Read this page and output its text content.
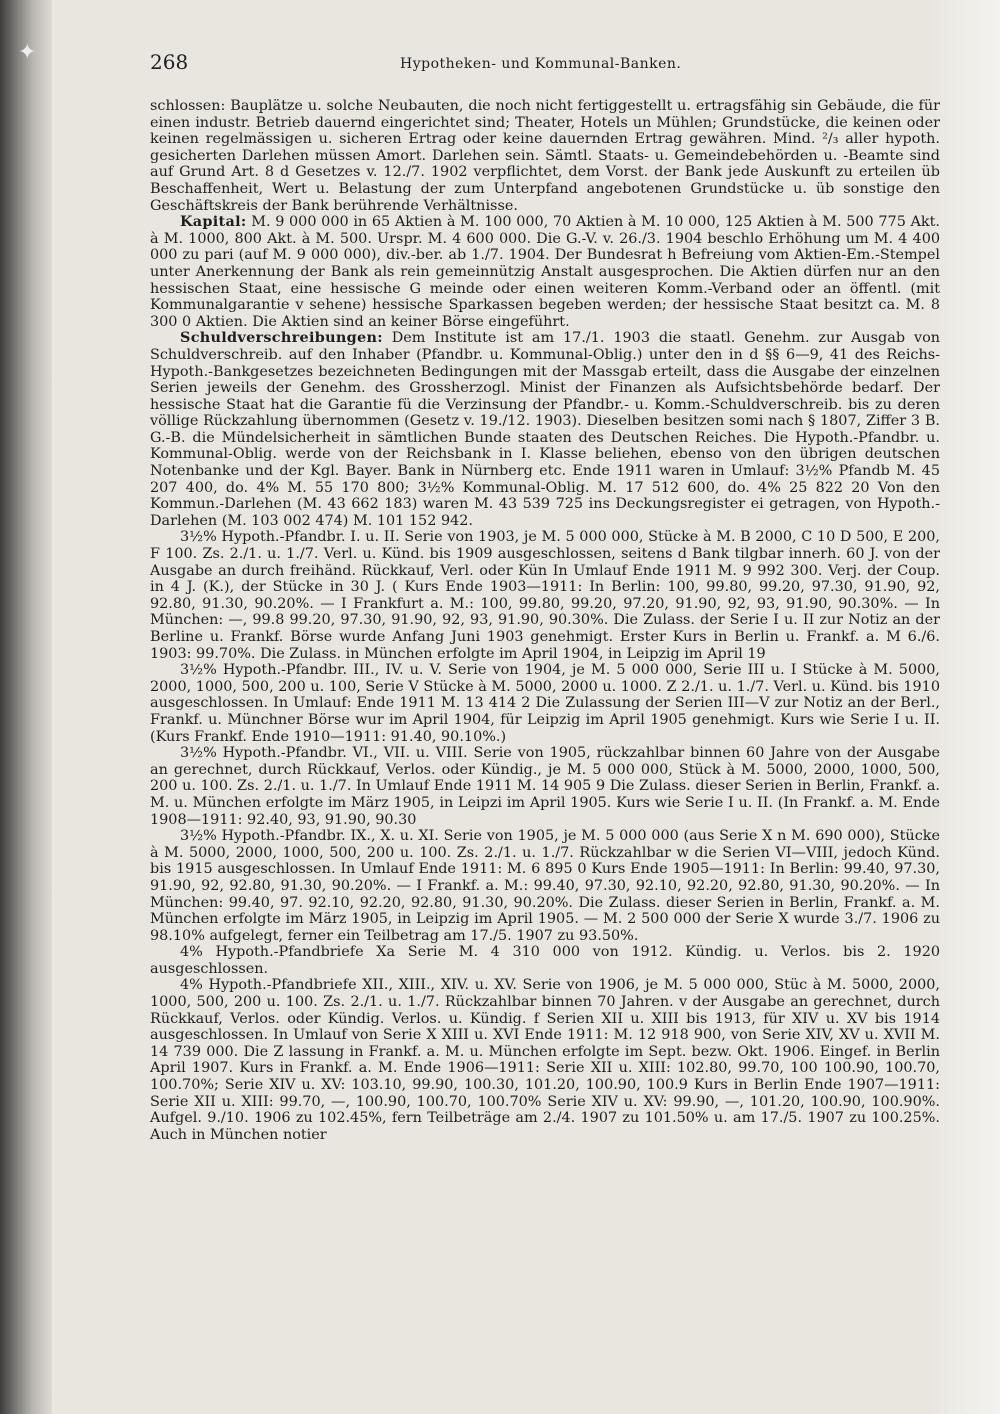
✦	268	Hypotheken- und Kommunal-Banken.

schlossen: Bauplätze u. solche Neubauten, die noch nicht fertiggestellt u. ertragsfähig sin Gebäude, die für einen industr. Betrieb dauernd eingerichtet sind; Theater, Hotels un Mühlen; Grundstücke, die keinen oder keinen regelmässigen u. sicheren Ertrag oder keine dauernden Ertrag gewähren. Mind. ²/₃ aller hypoth. gesicherten Darlehen müssen Amort. Darlehen sein. Sämtl. Staats- u. Gemeindebehörden u. -Beamte sind auf Grund Art. 8 d Gesetzes v. 12./7. 1902 verpflichtet, dem Vorst. der Bank jede Auskunft zu erteilen üb Beschaffenheit, Wert u. Belastung der zum Unterpfand angebotenen Grundstücke u. üb sonstige den Geschäftskreis der Bank berührende Verhältnisse.

Kapital: M. 9 000 000 in 65 Aktien à M. 100 000, 70 Aktien à M. 10 000, 125 Aktien à M. 500 775 Akt. à M. 1000, 800 Akt. à M. 500. Urspr. M. 4 600 000. Die G.-V. v. 26./3. 1904 beschlo Erhöhung um M. 4 400 000 zu pari (auf M. 9 000 000), div.-ber. ab 1./7. 1904. Der Bundesrat h Befreiung vom Aktien-Em.-Stempel unter Anerkennung der Bank als rein gemeinnützig Anstalt ausgesprochen. Die Aktien dürfen nur an den hessischen Staat, eine hessische G meinde oder einen weiteren Komm.-Verband oder an öffentl. (mit Kommunalgarantie v sehene) hessische Sparkassen begeben werden; der hessische Staat besitzt ca. M. 8 300 0 Aktien. Die Aktien sind an keiner Börse eingeführt.

Schuldverschreibungen: Dem Institute ist am 17./1. 1903 die staatl. Genehm. zur Ausgab von Schuldverschreib. auf den Inhaber (Pfandbr. u. Kommunal-Oblig.) unter den in d §§ 6—9, 41 des Reichs-Hypoth.-Bankgesetzes bezeichneten Bedingungen mit der Massgab erteilt, dass die Ausgabe der einzelnen Serien jeweils der Genehm. des Grossherzogl. Minist der Finanzen als Aufsichtsbehörde bedarf. Der hessische Staat hat die Garantie fü die Verzinsung der Pfandbr.- u. Komm.-Schuldverschreib. bis zu deren völlige Rückzahlung übernommen (Gesetz v. 19./12. 1903). Dieselben besitzen somi nach § 1807, Ziffer 3 B. G.-B. die Mündelsicherheit in sämtlichen Bunde staaten des Deutschen Reiches. Die Hypoth.-Pfandbr. u. Kommunal-Oblig. werde von der Reichsbank in I. Klasse beliehen, ebenso von den übrigen deutschen Notenbanke und der Kgl. Bayer. Bank in Nürnberg etc. Ende 1911 waren in Umlauf: 3½% Pfandb M. 45 207 400, do. 4% M. 55 170 800; 3½% Kommunal-Oblig. M. 17 512 600, do. 4% 25 822 20 Von den Kommun.-Darlehen (M. 43 662 183) waren M. 43 539 725 ins Deckungsregister ei getragen, von Hypoth.-Darlehen (M. 103 002 474) M. 101 152 942.

3½% Hypoth.-Pfandbr. I. u. II. Serie von 1903, je M. 5 000 000, Stücke à M. B 2000, C 10 D 500, E 200, F 100. Zs. 2./1. u. 1./7. Verl. u. Künd. bis 1909 ausgeschlossen, seitens d Bank tilgbar innerh. 60 J. von der Ausgabe an durch freihänd. Rückkauf, Verl. oder Kün In Umlauf Ende 1911 M. 9 992 300. Verj. der Coup. in 4 J. (K.), der Stücke in 30 J. ( Kurs Ende 1903—1911: In Berlin: 100, 99.80, 99.20, 97.30, 91.90, 92, 92.80, 91.30, 90.20%. — I Frankfurt a. M.: 100, 99.80, 99.20, 97.20, 91.90, 92, 93, 91.90, 90.30%. — In München: —, 99.8 99.20, 97.30, 91.90, 92, 93, 91.90, 90.30%. Die Zulass. der Serie I u. II zur Notiz an der Berline u. Frankf. Börse wurde Anfang Juni 1903 genehmigt. Erster Kurs in Berlin u. Frankf. a. M 6./6. 1903: 99.70%. Die Zulass. in München erfolgte im April 1904, in Leipzig im April 19

3½% Hypoth.-Pfandbr. III., IV. u. V. Serie von 1904, je M. 5 000 000, Serie III u. I Stücke à M. 5000, 2000, 1000, 500, 200 u. 100, Serie V Stücke à M. 5000, 2000 u. 1000. Z 2./1. u. 1./7. Verl. u. Künd. bis 1910 ausgeschlossen. In Umlauf: Ende 1911 M. 13 414 2 Die Zulassung der Serien III—V zur Notiz an der Berl., Frankf. u. Münchner Börse wur im April 1904, für Leipzig im April 1905 genehmigt. Kurs wie Serie I u. II. (Kurs Frankf. Ende 1910—1911: 91.40, 90.10%.)

3½% Hypoth.-Pfandbr. VI., VII. u. VIII. Serie von 1905, rückzahlbar binnen 60 Jahre von der Ausgabe an gerechnet, durch Rückkauf, Verlos. oder Kündig., je M. 5 000 000, Stück à M. 5000, 2000, 1000, 500, 200 u. 100. Zs. 2./1. u. 1./7. In Umlauf Ende 1911 M. 14 905 9 Die Zulass. dieser Serien in Berlin, Frankf. a. M. u. München erfolgte im März 1905, in Leipzi im April 1905. Kurs wie Serie I u. II. (In Frankf. a. M. Ende 1908—1911: 92.40, 93, 91.90, 90.30

3½% Hypoth.-Pfandbr. IX., X. u. XI. Serie von 1905, je M. 5 000 000 (aus Serie X n M. 690 000), Stücke à M. 5000, 2000, 1000, 500, 200 u. 100. Zs. 2./1. u. 1./7. Rückzahlbar w die Serien VI—VIII, jedoch Künd. bis 1915 ausgeschlossen. In Umlauf Ende 1911: M. 6 895 0 Kurs Ende 1905—1911: In Berlin: 99.40, 97.30, 91.90, 92, 92.80, 91.30, 90.20%. — I Frankf. a. M.: 99.40, 97.30, 92.10, 92.20, 92.80, 91.30, 90.20%. — In München: 99.40, 97. 92.10, 92.20, 92.80, 91.30, 90.20%. Die Zulass. dieser Serien in Berlin, Frankf. a. M. München erfolgte im März 1905, in Leipzig im April 1905. — M. 2 500 000 der Serie X wurde 3./7. 1906 zu 98.10% aufgelegt, ferner ein Teilbetrag am 17./5. 1907 zu 93.50%.

4% Hypoth.-Pfandbriefe Xa Serie M. 4 310 000 von 1912. Kündig. u. Verlos. bis 2. 1920 ausgeschlossen.

4% Hypoth.-Pfandbriefe XII., XIII., XIV. u. XV. Serie von 1906, je M. 5 000 000, Stüc à M. 5000, 2000, 1000, 500, 200 u. 100. Zs. 2./1. u. 1./7. Rückzahlbar binnen 70 Jahren. v der Ausgabe an gerechnet, durch Rückkauf, Verlos. oder Kündig. Verlos. u. Kündig. f Serien XII u. XIII bis 1913, für XIV u. XV bis 1914 ausgeschlossen. In Umlauf von Serie X XIII u. XVI Ende 1911: M. 12 918 900, von Serie XIV, XV u. XVII M. 14 739 000. Die Z lassung in Frankf. a. M. u. München erfolgte im Sept. bezw. Okt. 1906. Eingef. in Berlin April 1907. Kurs in Frankf. a. M. Ende 1906—1911: Serie XII u. XIII: 102.80, 99.70, 100 100.90, 100.70, 100.70%; Serie XIV u. XV: 103.10, 99.90, 100.30, 101.20, 100.90, 100.9 Kurs in Berlin Ende 1907—1911: Serie XII u. XIII: 99.70, —, 100.90, 100.70, 100.70% Serie XIV u. XV: 99.90, —, 101.20, 100.90, 100.90%. Aufgel. 9./10. 1906 zu 102.45%, fern Teilbeträge am 2./4. 1907 zu 101.50% u. am 17./5. 1907 zu 100.25%. Auch in München notier
